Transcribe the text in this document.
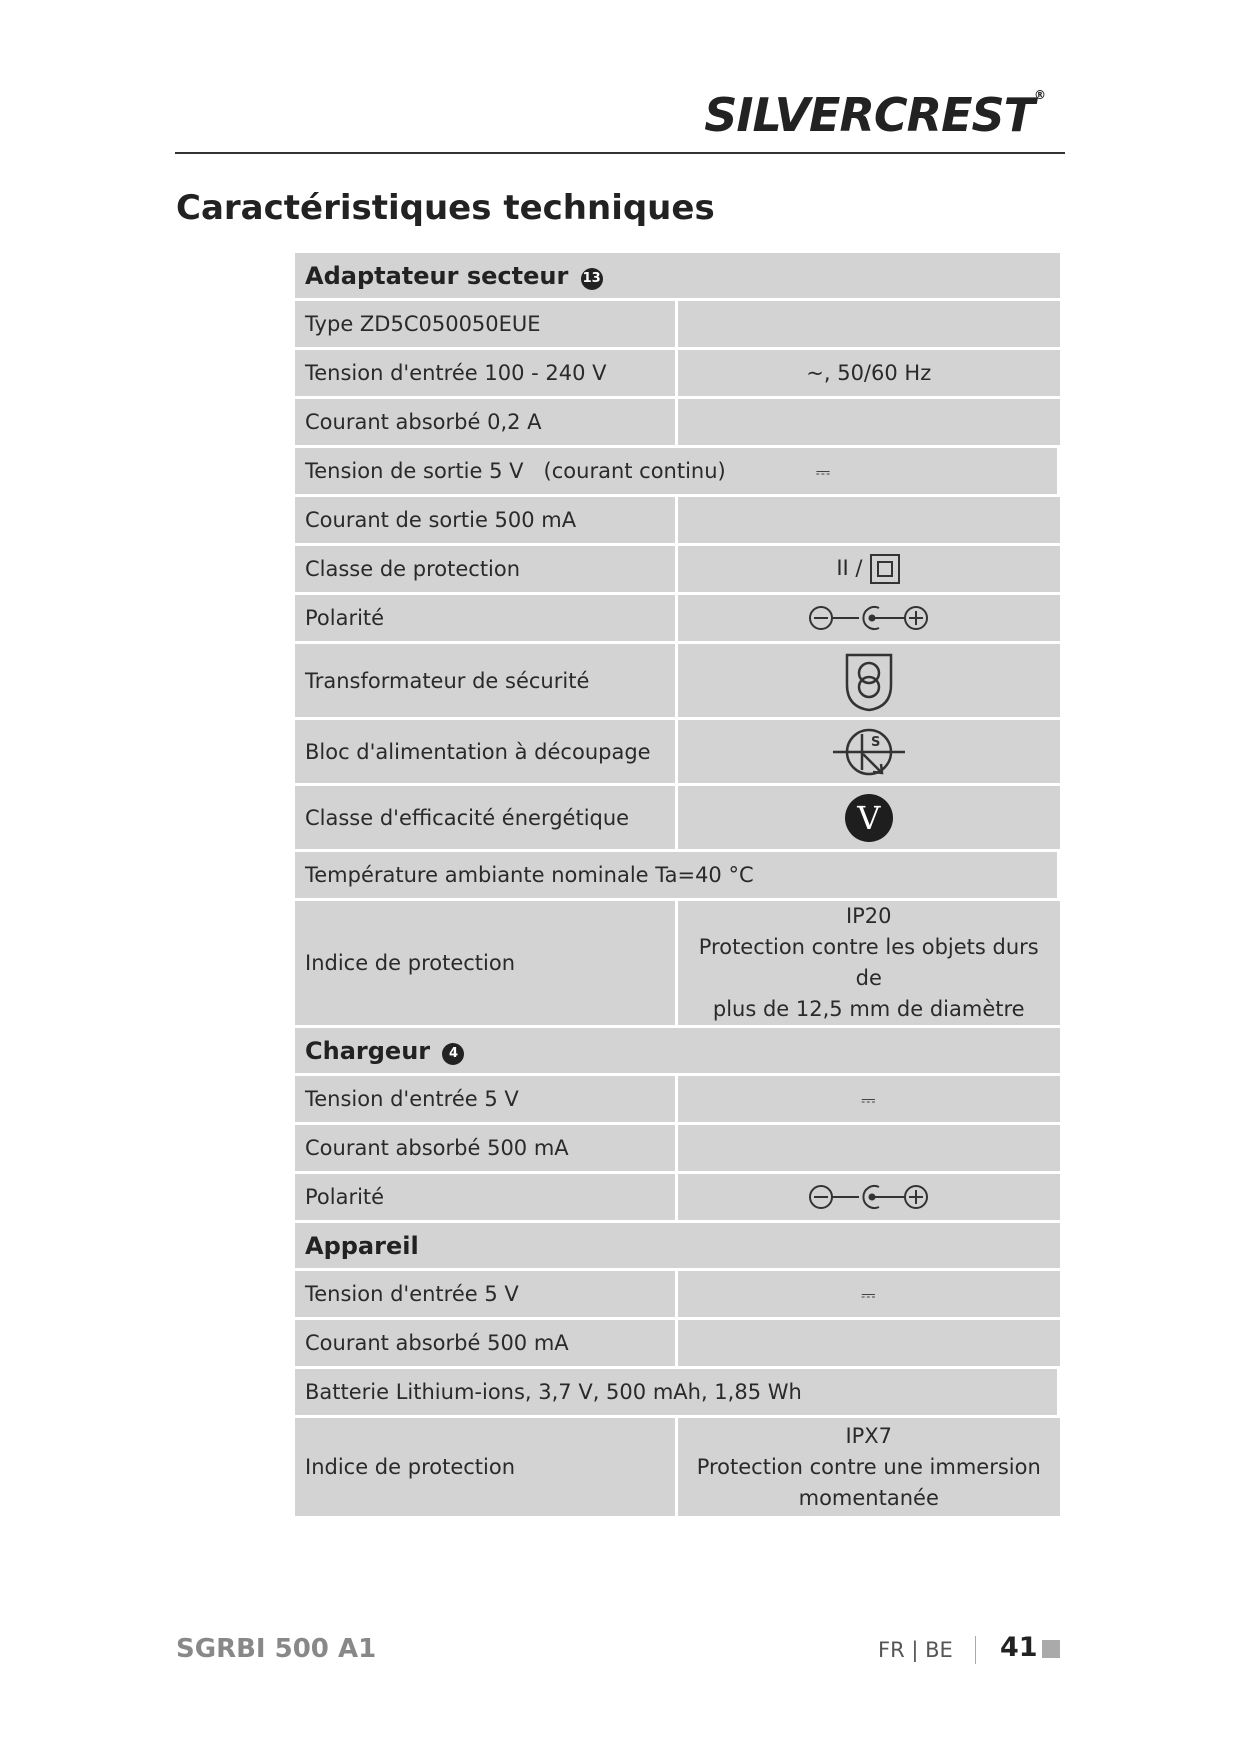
SILVERCREST®
Caractéristiques techniques
Adaptateur secteur 13	
Type ZD5C050050EUE	
Tension d'entrée 100 - 240 V	~, 50/60 Hz
Courant absorbé 0,2 A	
Tension de sortie 5 V (courant continu) ⎓	
Courant de sortie 500 mA	
Classe de protection	II /
Polarité	

Transformateur de sécurité	

Bloc d'alimentation à découpage	S

Classe d'efficacité énergétique	V

Température ambiante nominale Ta=40 °C	
Indice de protection	IP20
Protection contre les objets durs de
plus de 12,5 mm de diamètre

Chargeur 4	
Tension d'entrée 5 V	⎓
Courant absorbé 500 mA	
Polarité	

Appareil	
Tension d'entrée 5 V	⎓
Courant absorbé 500 mA	
Batterie Lithium-ions, 3,7 V, 500 mAh, 1,85 Wh	
Indice de protection	IPX7
Protection contre une immersion
momentanée
SGRBI 500 A1	FR | BE 41
